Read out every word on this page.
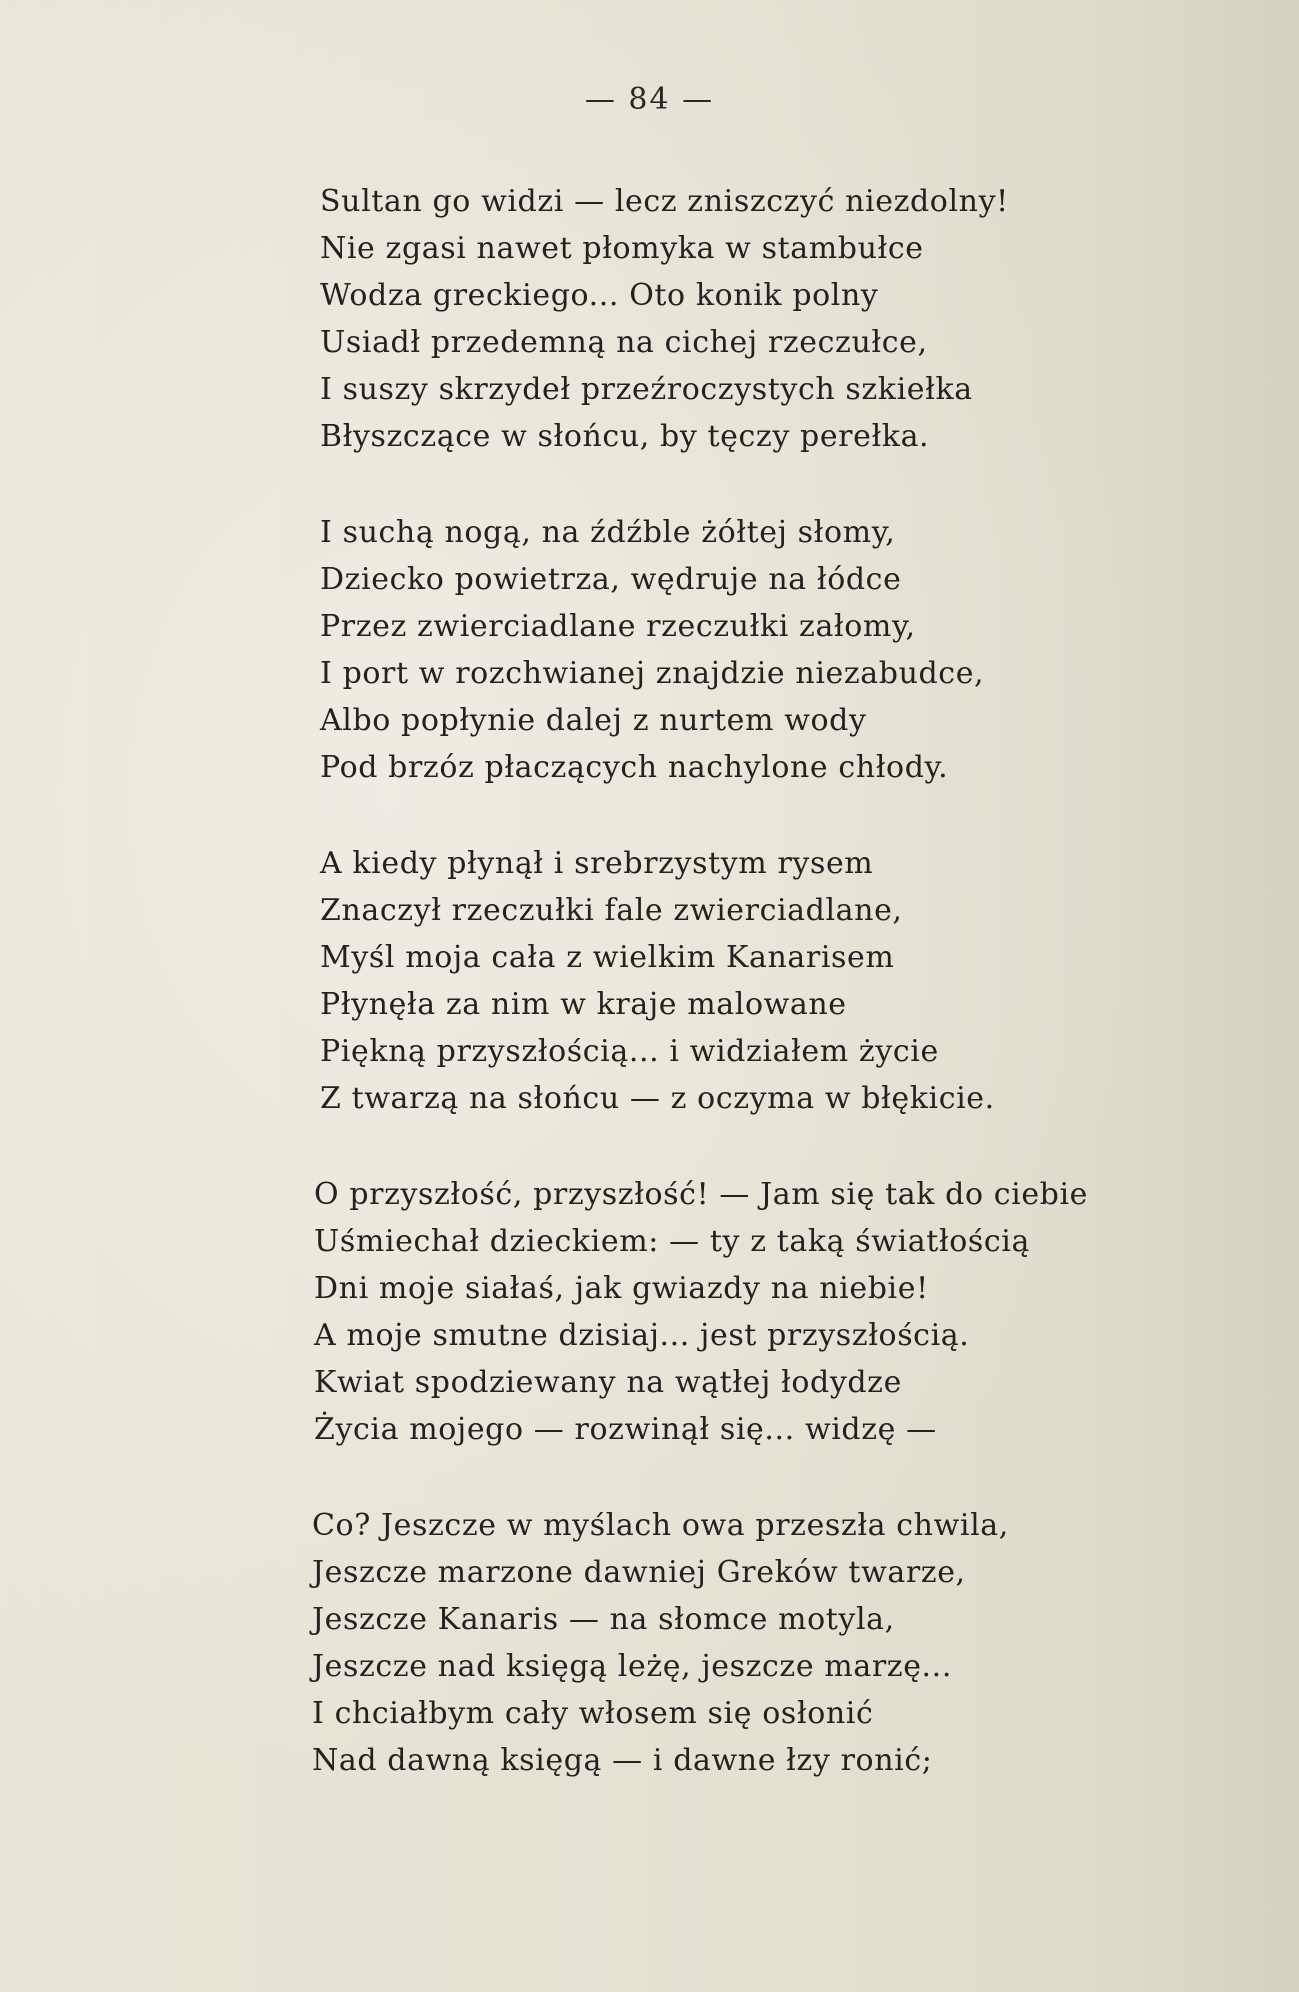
— 84 —
Sultan go widzi — lecz zniszczyć niezdolny!
Nie zgasi nawet płomyka w stambułce
Wodza greckiego... Oto konik polny
Usiadł przedemną na cichej rzeczułce,
I suszy skrzydeł przeźroczystych szkiełka
Błyszczące w słońcu, by tęczy perełka.
I suchą nogą, na źdźble żółtej słomy,
Dziecko powietrza, wędruje na łódce
Przez zwierciadlane rzeczułki załomy,
I port w rozchwianej znajdzie niezabudce,
Albo popłynie dalej z nurtem wody
Pod brzóz płaczących nachylone chłody.
A kiedy płynął i srebrzystym rysem
Znaczył rzeczułki fale zwierciadlane,
Myśl moja cała z wielkim Kanarisem
Płynęła za nim w kraje malowane
Piękną przyszłością... i widziałem życie
Z twarzą na słońcu — z oczyma w błękicie.
O przyszłość, przyszłość! — Jam się tak do ciebie
Uśmiechał dzieckiem: — ty z taką światłością
Dni moje siałaś, jak gwiazdy na niebie!
A moje smutne dzisiaj... jest przyszłością.
Kwiat spodziewany na wątłej łodydze
Życia mojego — rozwinął się... widzę —
Co? Jeszcze w myślach owa przeszła chwila,
Jeszcze marzone dawniej Greków twarze,
Jeszcze Kanaris — na słomce motyla,
Jeszcze nad księgą leżę, jeszcze marzę...
I chciałbym cały włosem się osłonić
Nad dawną księgą — i dawne łzy ronić;
